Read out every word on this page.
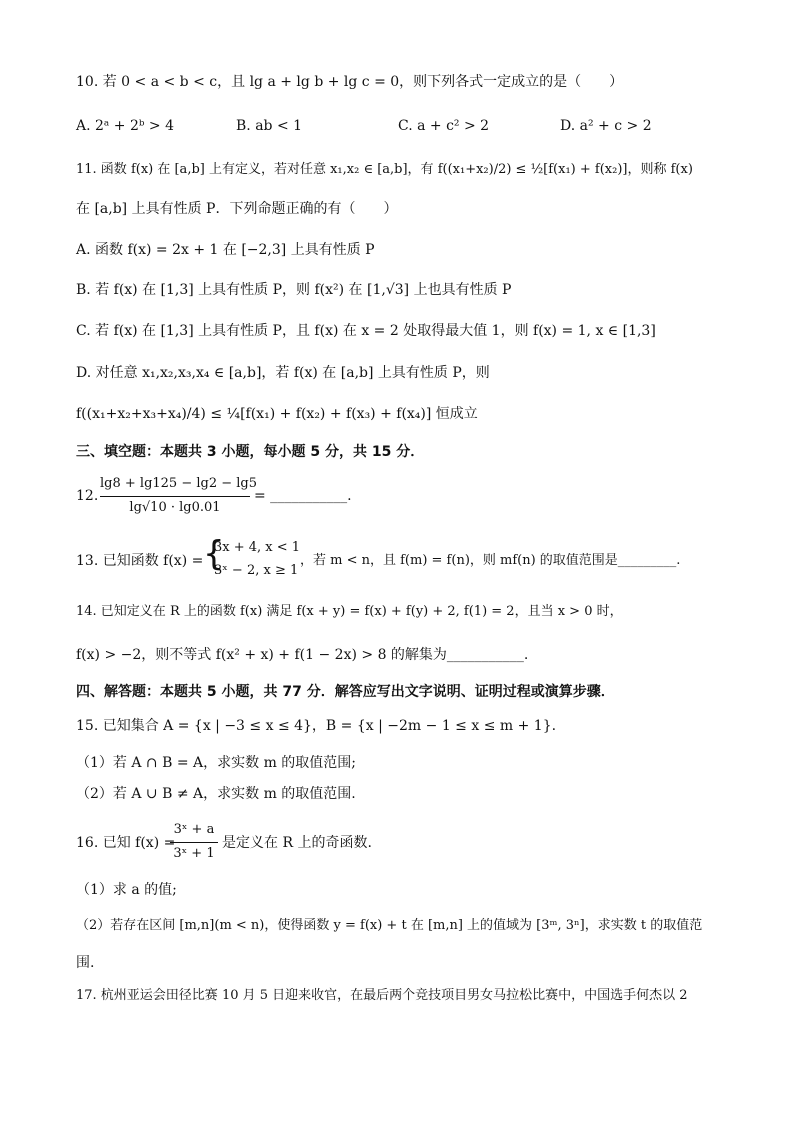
10. 若 0 < a < b < c，且 lg a + lg b + lg c = 0，则下列各式一定成立的是（　　）
A. 2ᵃ + 2ᵇ > 4	B. ab < 1	C. a + c² > 2	D. a² + c > 2
11. 函数 f(x) 在 [a,b] 上有定义，若对任意 x₁,x₂ ∈ [a,b]，有 f((x₁+x₂)/2) ≤ ½[f(x₁) + f(x₂)]，则称 f(x)
在 [a,b] 上具有性质 P．下列命题正确的有（　　）
A. 函数 f(x) = 2x + 1 在 [−2,3] 上具有性质 P
B. 若 f(x) 在 [1,3] 上具有性质 P，则 f(x²) 在 [1,√3] 上也具有性质 P
C. 若 f(x) 在 [1,3] 上具有性质 P，且 f(x) 在 x = 2 处取得最大值 1，则 f(x) = 1, x ∈ [1,3]
D. 对任意 x₁,x₂,x₃,x₄ ∈ [a,b]，若 f(x) 在 [a,b] 上具有性质 P，则
f((x₁+x₂+x₃+x₄)/4) ≤ ¼[f(x₁) + f(x₂) + f(x₃) + f(x₄)] 恒成立
三、填空题：本题共 3 小题，每小题 5 分，共 15 分．
12.
lg8 + lg125 − lg2 − lg5
lg√10 · lg0.01
= ___________.
13. 已知函数 f(x) = {
3x + 4, x < 1
3ˣ − 2, x ≥ 1
，若 m < n，且 f(m) = f(n)，则 mf(n) 的取值范围是_________.
14. 已知定义在 R 上的函数 f(x) 满足 f(x + y) = f(x) + f(y) + 2, f(1) = 2，且当 x > 0 时，
f(x) > −2，则不等式 f(x² + x) + f(1 − 2x) > 8 的解集为___________.
四、解答题：本题共 5 小题，共 77 分．解答应写出文字说明、证明过程或演算步骤．
15. 已知集合 A = {x | −3 ≤ x ≤ 4}，B = {x | −2m − 1 ≤ x ≤ m + 1}.
（1）若 A ∩ B = A，求实数 m 的取值范围;
（2）若 A ∪ B ≠ A，求实数 m 的取值范围.
16. 已知 f(x) =
3ˣ + a
3ˣ + 1
是定义在 R 上的奇函数.
（1）求 a 的值;
（2）若存在区间 [m,n](m < n)，使得函数 y = f(x) + t 在 [m,n] 上的值域为 [3ᵐ, 3ⁿ]，求实数 t 的取值范
围.
17. 杭州亚运会田径比赛 10 月 5 日迎来收官，在最后两个竞技项目男女马拉松比赛中，中国选手何杰以 2
